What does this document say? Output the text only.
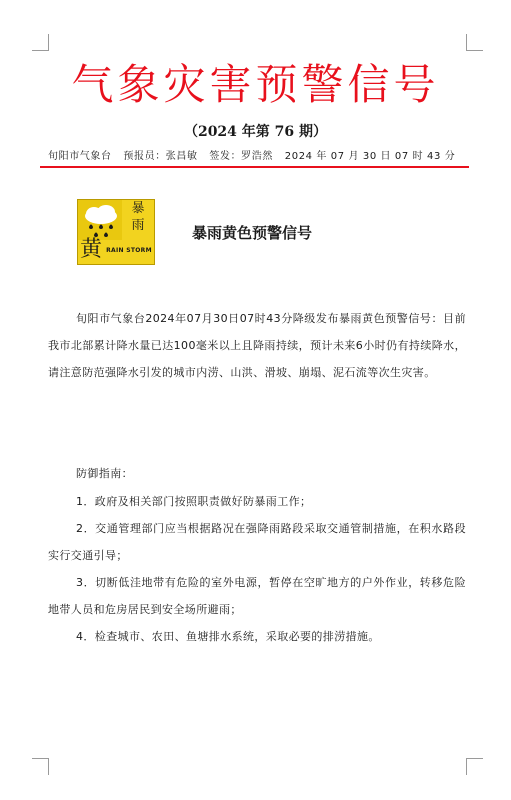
气象灾害预警信号
（2024 年第 76 期）
旬阳市气象台 预报员：张昌敏 签发：罗浩然 2024 年 07 月 30 日 07 时 43 分
黄
暴
雨
RAIN STORM
暴雨黄色预警信号

旬阳市气象台2024年07月30日07时43分降级发布暴雨黄色预警信号：目前我市北部累计降水量已达100毫米以上且降雨持续，预计未来6小时仍有持续降水，请注意防范强降水引发的城市内涝、山洪、滑坡、崩塌、泥石流等次生灾害。

防御指南：

1．政府及相关部门按照职责做好防暴雨工作；

2．交通管理部门应当根据路况在强降雨路段采取交通管制措施，在积水路段实行交通引导；

3．切断低洼地带有危险的室外电源，暂停在空旷地方的户外作业，转移危险地带人员和危房居民到安全场所避雨；

4．检查城市、农田、鱼塘排水系统，采取必要的排涝措施。
